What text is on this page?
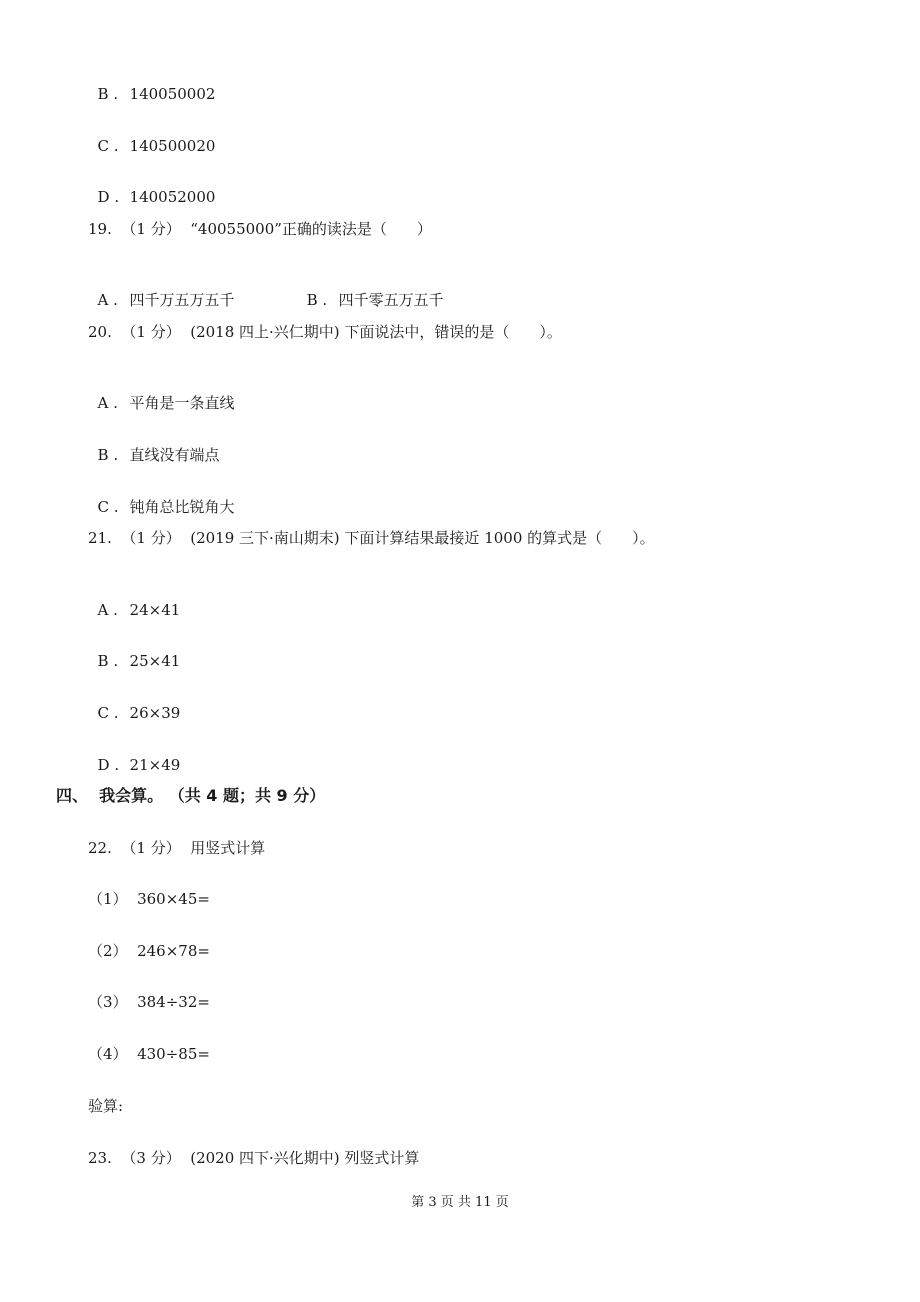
B . 140050002

C . 140500020

D . 140052000

19.  （1 分）  “40055000”正确的读法是（　　）

A . 四千万五万五千	B . 四千零五万五千

20.  （1 分）  (2018 四上·兴仁期中) 下面说法中，错误的是（　　）。

A . 平角是一条直线

B . 直线没有端点

C . 钝角总比锐角大

21.  （1 分）  (2019 三下·南山期末) 下面计算结果最接近 1000 的算式是（　　）。

A . 24×41

B . 25×41

C . 26×39

D . 21×49

四、  我会算。 （共 4 题；共 9 分）
22.  （1 分）  用竖式计算
（1）  360×45=
（2）  246×78=
（3）  384÷32=
（4）  430÷85=
验算:
23.  （3 分）  (2020 四下·兴化期中) 列竖式计算
第 3 页 共 11 页
